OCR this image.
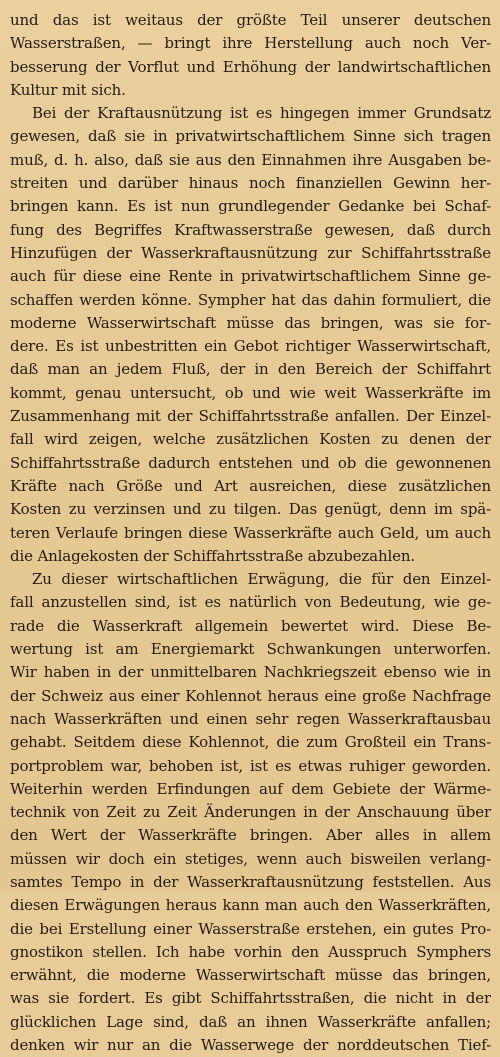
und das ist weitaus der größte Teil unserer deutschen
Wasserstraßen, — bringt ihre Herstellung auch noch Ver-
besserung der Vorflut und Erhöhung der landwirtschaftlichen
Kultur mit sich.
Bei der Kraftausnützung ist es hingegen immer Grundsatz
gewesen, daß sie in privatwirtschaftlichem Sinne sich tragen
muß, d. h. also, daß sie aus den Einnahmen ihre Ausgaben be-
streiten und darüber hinaus noch finanziellen Gewinn her-
bringen kann. Es ist nun grundlegender Gedanke bei Schaf-
fung des Begriffes Kraftwasserstraße gewesen, daß durch
Hinzufügen der Wasserkraftausnützung zur Schiffahrtsstraße
auch für diese eine Rente in privatwirtschaftlichem Sinne ge-
schaffen werden könne. Sympher hat das dahin formuliert, die
moderne Wasserwirtschaft müsse das bringen, was sie for-
dere. Es ist unbestritten ein Gebot richtiger Wasserwirtschaft,
daß man an jedem Fluß, der in den Bereich der Schiffahrt
kommt, genau untersucht, ob und wie weit Wasserkräfte im
Zusammenhang mit der Schiffahrtsstraße anfallen. Der Einzel-
fall wird zeigen, welche zusätzlichen Kosten zu denen der
Schiffahrtsstraße dadurch entstehen und ob die gewonnenen
Kräfte nach Größe und Art ausreichen, diese zusätzlichen
Kosten zu verzinsen und zu tilgen. Das genügt, denn im spä-
teren Verlaufe bringen diese Wasserkräfte auch Geld, um auch
die Anlagekosten der Schiffahrtsstraße abzubezahlen.
Zu dieser wirtschaftlichen Erwägung, die für den Einzel-
fall anzustellen sind, ist es natürlich von Bedeutung, wie ge-
rade die Wasserkraft allgemein bewertet wird. Diese Be-
wertung ist am Energiemarkt Schwankungen unterworfen.
Wir haben in der unmittelbaren Nachkriegszeit ebenso wie in
der Schweiz aus einer Kohlennot heraus eine große Nachfrage
nach Wasserkräften und einen sehr regen Wasserkraftausbau
gehabt. Seitdem diese Kohlennot, die zum Großteil ein Trans-
portproblem war, behoben ist, ist es etwas ruhiger geworden.
Weiterhin werden Erfindungen auf dem Gebiete der Wärme-
technik von Zeit zu Zeit Änderungen in der Anschauung über
den Wert der Wasserkräfte bringen. Aber alles in allem
müssen wir doch ein stetiges, wenn auch bisweilen verlang-
samtes Tempo in der Wasserkraftausnützung feststellen. Aus
diesen Erwägungen heraus kann man auch den Wasserkräften,
die bei Erstellung einer Wasserstraße erstehen, ein gutes Pro-
gnostikon stellen. Ich habe vorhin den Ausspruch Symphers
erwähnt, die moderne Wasserwirtschaft müsse das bringen,
was sie fordert. Es gibt Schiffahrtsstraßen, die nicht in der
glücklichen Lage sind, daß an ihnen Wasserkräfte anfallen;
denken wir nur an die Wasserwege der norddeutschen Tief-
